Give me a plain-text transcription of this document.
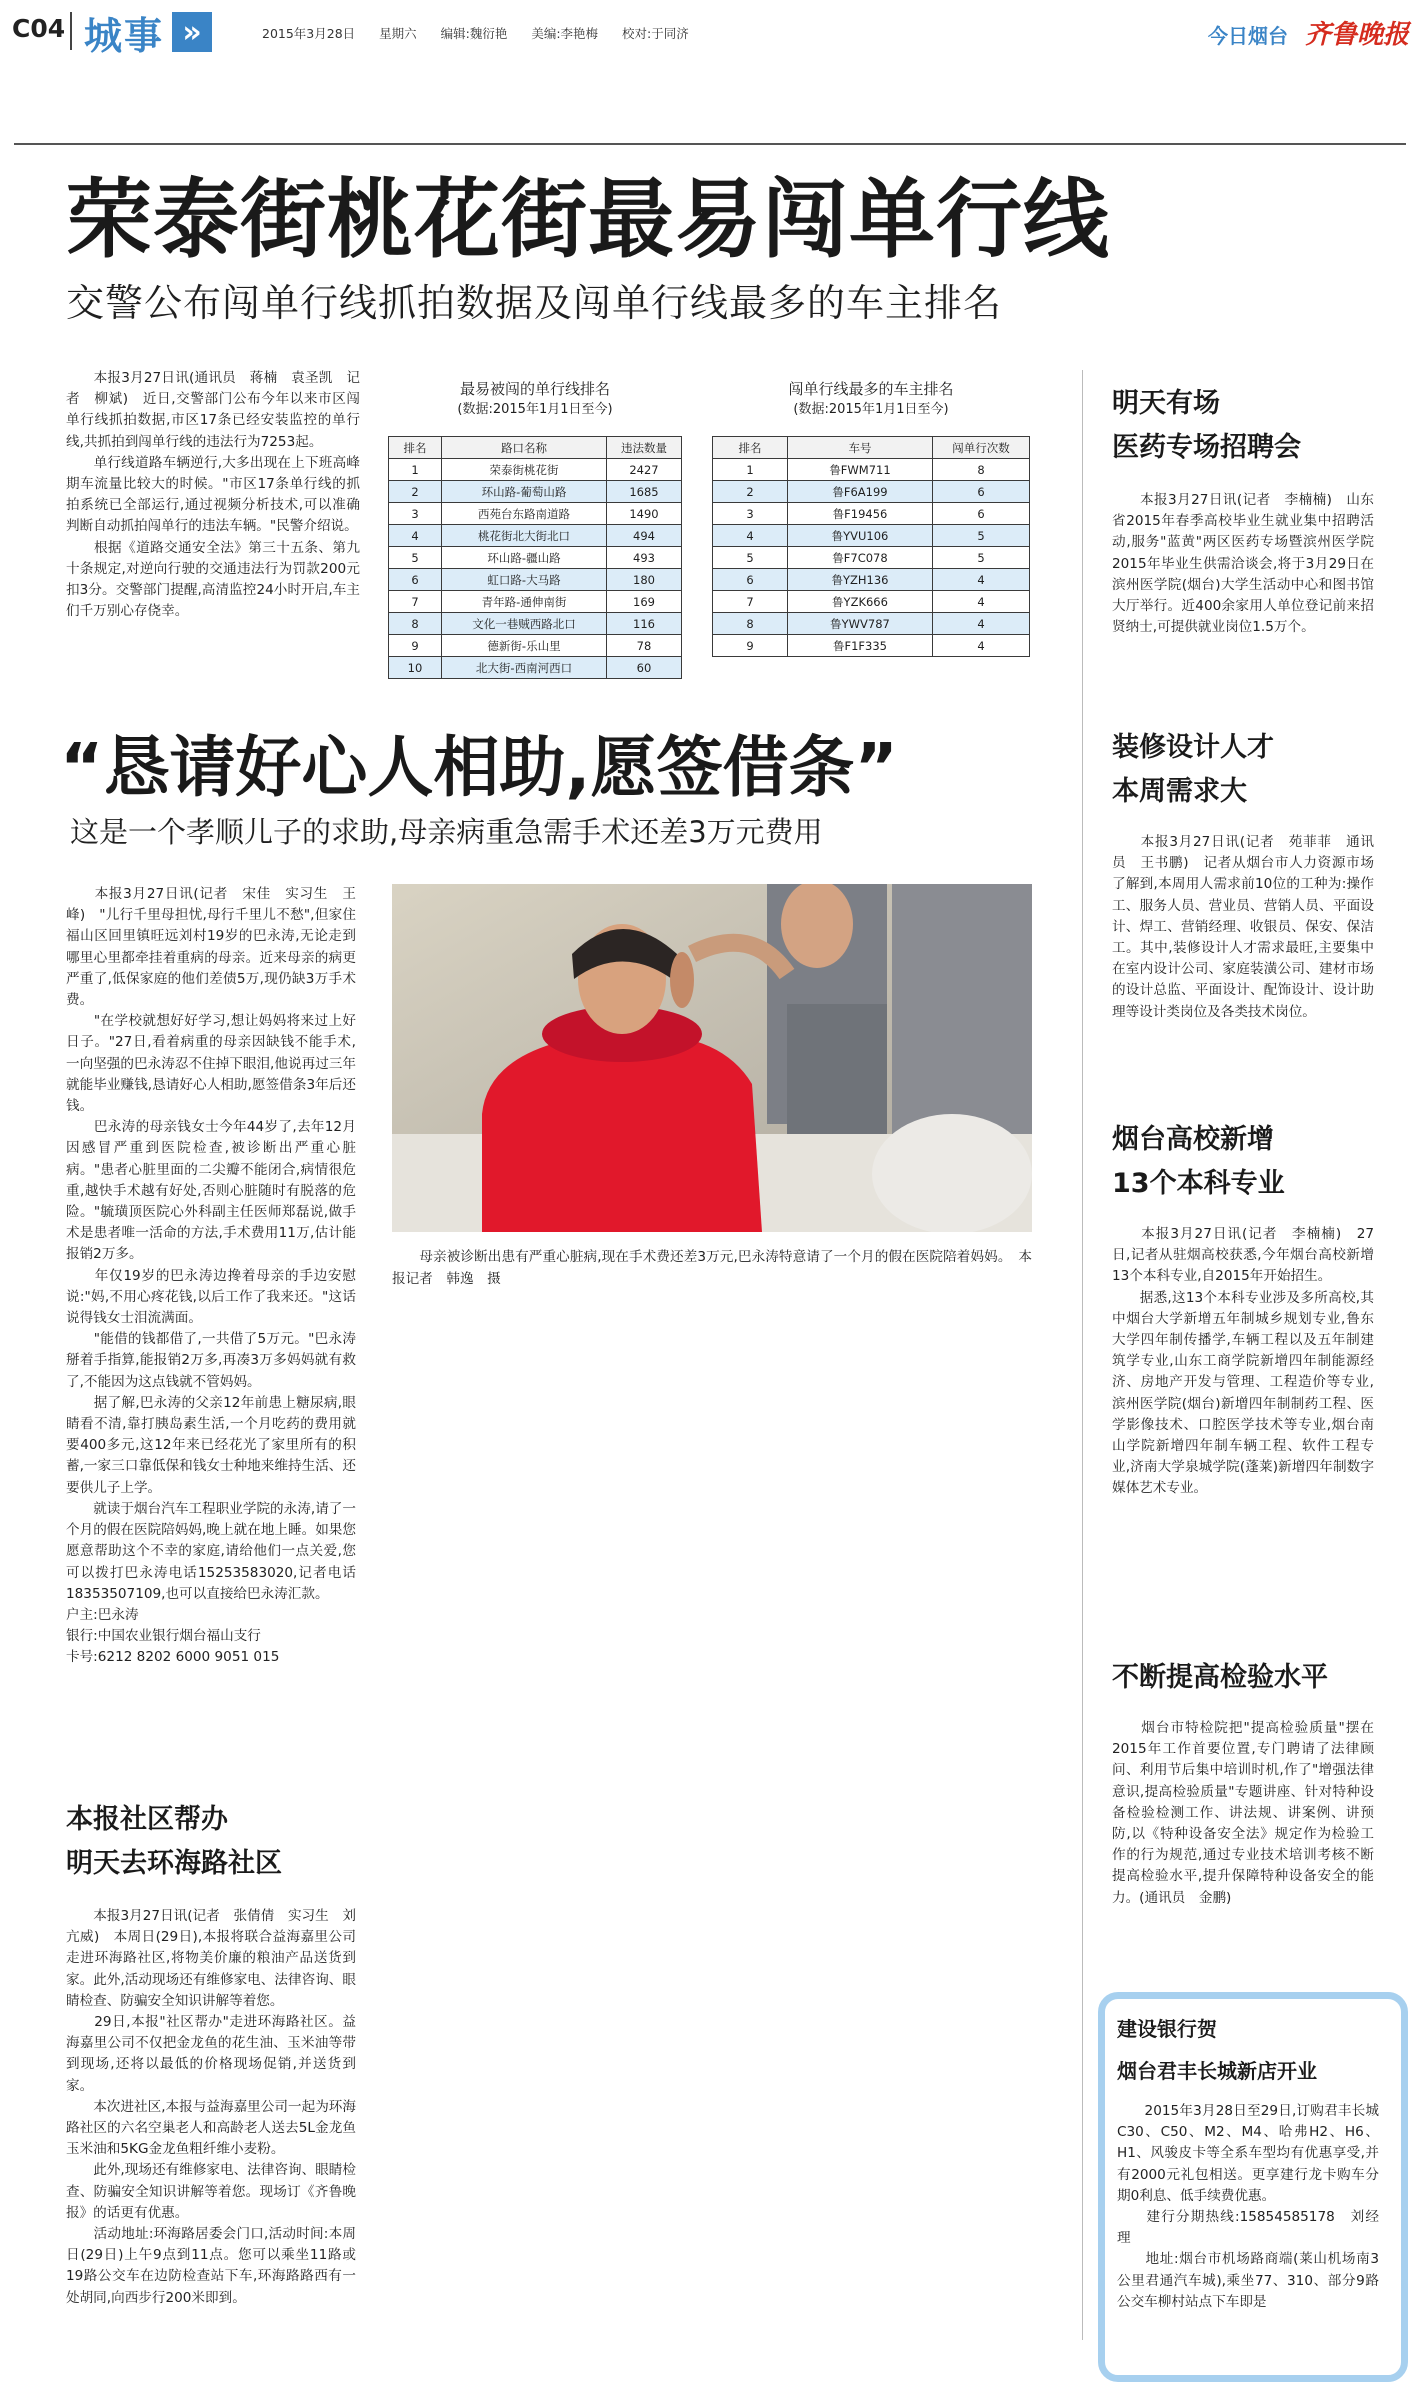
C04 城事 »	2015年3月28日 星期六 编辑:魏衍艳 美编:李艳梅 校对:于同济	今日烟台 齐鲁晚报
荣泰街桃花街最易闯单行线
交警公布闯单行线抓拍数据及闯单行线最多的车主排名
　　本报3月27日讯(通讯员　蒋楠　袁圣凯　记者　柳斌)　近日,交警部门公布今年以来市区闯单行线抓拍数据,市区17条已经安装监控的单行线,共抓拍到闯单行线的违法行为7253起。
　　单行线道路车辆逆行,大多出现在上下班高峰期车流量比较大的时候。"市区17条单行线的抓拍系统已全部运行,通过视频分析技术,可以准确判断自动抓拍闯单行的违法车辆。"民警介绍说。
　　根据《道路交通安全法》第三十五条、第九十条规定,对逆向行驶的交通违法行为罚款200元扣3分。交警部门提醒,高清监控24小时开启,车主们千万别心存侥幸。
最易被闯的单行线排名
(数据:2015年1月1日至今)
排名	路口名称	违法数量
1	荣泰街桃花街	2427
2	环山路-葡萄山路	1685
3	西苑台东路南道路	1490
4	桃花街北大街北口	494
5	环山路-疆山路	493
6	虹口路-大马路	180
7	青年路-通伸南街	169
8	文化一巷贼西路北口	116
9	德新街-乐山里	78
10	北大街-西南河西口	60
闯单行线最多的车主排名
(数据:2015年1月1日至今)
排名	车号	闯单行次数
1	鲁FWM711	8
2	鲁F6A199	6
3	鲁F19456	6
4	鲁YVU106	5
5	鲁F7C078	5
6	鲁YZH136	4
7	鲁YZK666	4
8	鲁YWV787	4
9	鲁F1F335	4
明天有场
医药专场招聘会
　　本报3月27日讯(记者　李楠楠)　山东省2015年春季高校毕业生就业集中招聘活动,服务"蓝黄"两区医药专场暨滨州医学院2015年毕业生供需洽谈会,将于3月29日在滨州医学院(烟台)大学生活动中心和图书馆大厅举行。近400余家用人单位登记前来招贤纳士,可提供就业岗位1.5万个。
装修设计人才
本周需求大
　　本报3月27日讯(记者　苑菲菲　通讯员　王书鹏)　记者从烟台市人力资源市场了解到,本周用人需求前10位的工种为:操作工、服务人员、营业员、营销人员、平面设计、焊工、营销经理、收银员、保安、保洁工。其中,装修设计人才需求最旺,主要集中在室内设计公司、家庭装潢公司、建材市场的设计总监、平面设计、配饰设计、设计助理等设计类岗位及各类技术岗位。
烟台高校新增
13个本科专业
　　本报3月27日讯(记者　李楠楠)　27日,记者从驻烟高校获悉,今年烟台高校新增13个本科专业,自2015年开始招生。
　　据悉,这13个本科专业涉及多所高校,其中烟台大学新增五年制城乡规划专业,鲁东大学四年制传播学,车辆工程以及五年制建筑学专业,山东工商学院新增四年制能源经济、房地产开发与管理、工程造价等专业,滨州医学院(烟台)新增四年制制药工程、医学影像技术、口腔医学技术等专业,烟台南山学院新增四年制车辆工程、软件工程专业,济南大学泉城学院(蓬莱)新增四年制数字媒体艺术专业。
不断提高检验水平
　　烟台市特检院把"提高检验质量"摆在2015年工作首要位置,专门聘请了法律顾问、利用节后集中培训时机,作了"增强法律意识,提高检验质量"专题讲座、针对特种设备检验检测工作、讲法规、讲案例、讲预防,以《特种设备安全法》规定作为检验工作的行为规范,通过专业技术培训考核不断提高检验水平,提升保障特种设备安全的能力。(通讯员　金鹏)
建设银行贺
烟台君丰长城新店开业
　　2015年3月28日至29日,订购君丰长城C30、C50、M2、M4、哈弗H2、H6、H1、风骏皮卡等全系车型均有优惠享受,并有2000元礼包相送。更享建行龙卡购车分期0利息、低手续费优惠。
　　建行分期热线:15854585178　刘经理
　　地址:烟台市机场路商端(莱山机场南3公里君通汽车城),乘坐77、310、部分9路公交车柳村站点下车即是
“恳请好心人相助,愿签借条”
这是一个孝顺儿子的求助,母亲病重急需手术还差3万元费用
　　本报3月27日讯(记者　宋佳　实习生　王峰)　"儿行千里母担忧,母行千里儿不愁",但家住福山区回里镇旺远刘村19岁的巴永涛,无论走到哪里心里都牵挂着重病的母亲。近来母亲的病更严重了,低保家庭的他们差债5万,现仍缺3万手术费。
　　"在学校就想好好学习,想让妈妈将来过上好日子。"27日,看着病重的母亲因缺钱不能手术,一向坚强的巴永涛忍不住掉下眼泪,他说再过三年就能毕业赚钱,恳请好心人相助,愿签借条3年后还钱。
　　巴永涛的母亲钱女士今年44岁了,去年12月因感冒严重到医院检查,被诊断出严重心脏病。"患者心脏里面的二尖瓣不能闭合,病情很危重,越快手术越有好处,否则心脏随时有脱落的危险。"毓璜顶医院心外科副主任医师郑磊说,做手术是患者唯一活命的方法,手术费用11万,估计能报销2万多。
　　年仅19岁的巴永涛边搀着母亲的手边安慰说:"妈,不用心疼花钱,以后工作了我来还。"这话说得钱女士泪流满面。
　　"能借的钱都借了,一共借了5万元。"巴永涛掰着手指算,能报销2万多,再凑3万多妈妈就有救了,不能因为这点钱就不管妈妈。
　　据了解,巴永涛的父亲12年前患上糖尿病,眼睛看不清,靠打胰岛素生活,一个月吃药的费用就要400多元,这12年来已经花光了家里所有的积蓄,一家三口靠低保和钱女士种地来维持生活、还要供儿子上学。
　　就读于烟台汽车工程职业学院的永涛,请了一个月的假在医院陪妈妈,晚上就在地上睡。如果您愿意帮助这个不幸的家庭,请给他们一点关爱,您可以拨打巴永涛电话15253583020,记者电话18353507109,也可以直接给巴永涛汇款。
户主:巴永涛
银行:中国农业银行烟台福山支行
卡号:6212 8202 6000 9051 015
　　母亲被诊断出患有严重心脏病,现在手术费还差3万元,巴永涛特意请了一个月的假在医院陪着妈妈。　本报记者　韩逸　摄
本报社区帮办
明天去环海路社区
　　本报3月27日讯(记者　张倩倩　实习生　刘亢威)　本周日(29日),本报将联合益海嘉里公司走进环海路社区,将物美价廉的粮油产品送货到家。此外,活动现场还有维修家电、法律咨询、眼睛检查、防骗安全知识讲解等着您。
　　29日,本报"社区帮办"走进环海路社区。益海嘉里公司不仅把金龙鱼的花生油、玉米油等带到现场,还将以最低的价格现场促销,并送货到家。
　　本次进社区,本报与益海嘉里公司一起为环海路社区的六名空巢老人和高龄老人送去5L金龙鱼玉米油和5KG金龙鱼粗纤维小麦粉。
　　此外,现场还有维修家电、法律咨询、眼睛检查、防骗安全知识讲解等着您。现场订《齐鲁晚报》的话更有优惠。
　　活动地址:环海路居委会门口,活动时间:本周日(29日)上午9点到11点。您可以乘坐11路或19路公交车在边防检查站下车,环海路路西有一处胡同,向西步行200米即到。
